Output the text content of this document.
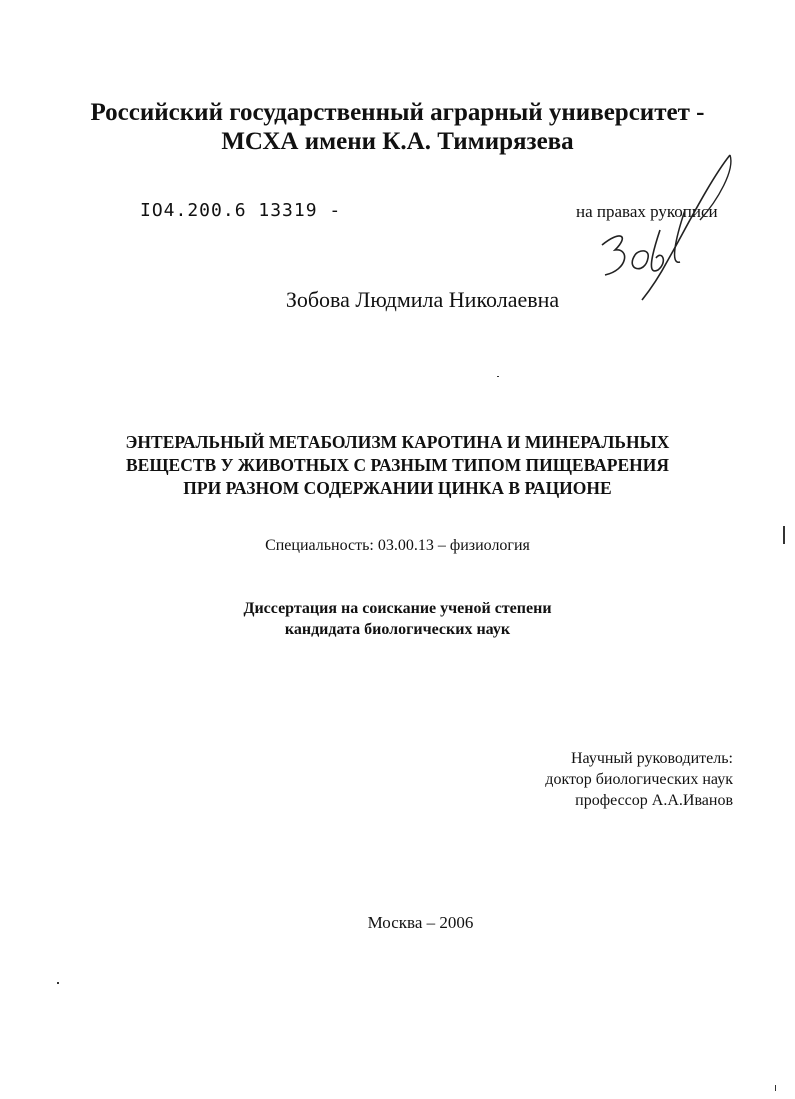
Российский государственный аграрный университет -
МСХА имени К.А. Тимирязева
ІО4.200.6 13319 -	на правах рукописи
Зобова Людмила Николаевна
ЭНТЕРАЛЬНЫЙ МЕТАБОЛИЗМ КАРОТИНА И МИНЕРАЛЬНЫХ
ВЕЩЕСТВ У ЖИВОТНЫХ С РАЗНЫМ ТИПОМ ПИЩЕВАРЕНИЯ
ПРИ РАЗНОМ СОДЕРЖАНИИ ЦИНКА В РАЦИОНЕ
Специальность: 03.00.13 – физиология
Диссертация на соискание ученой степени
кандидата биологических наук
Научный руководитель:
доктор биологических наук
профессор А.А.Иванов
Москва – 2006
